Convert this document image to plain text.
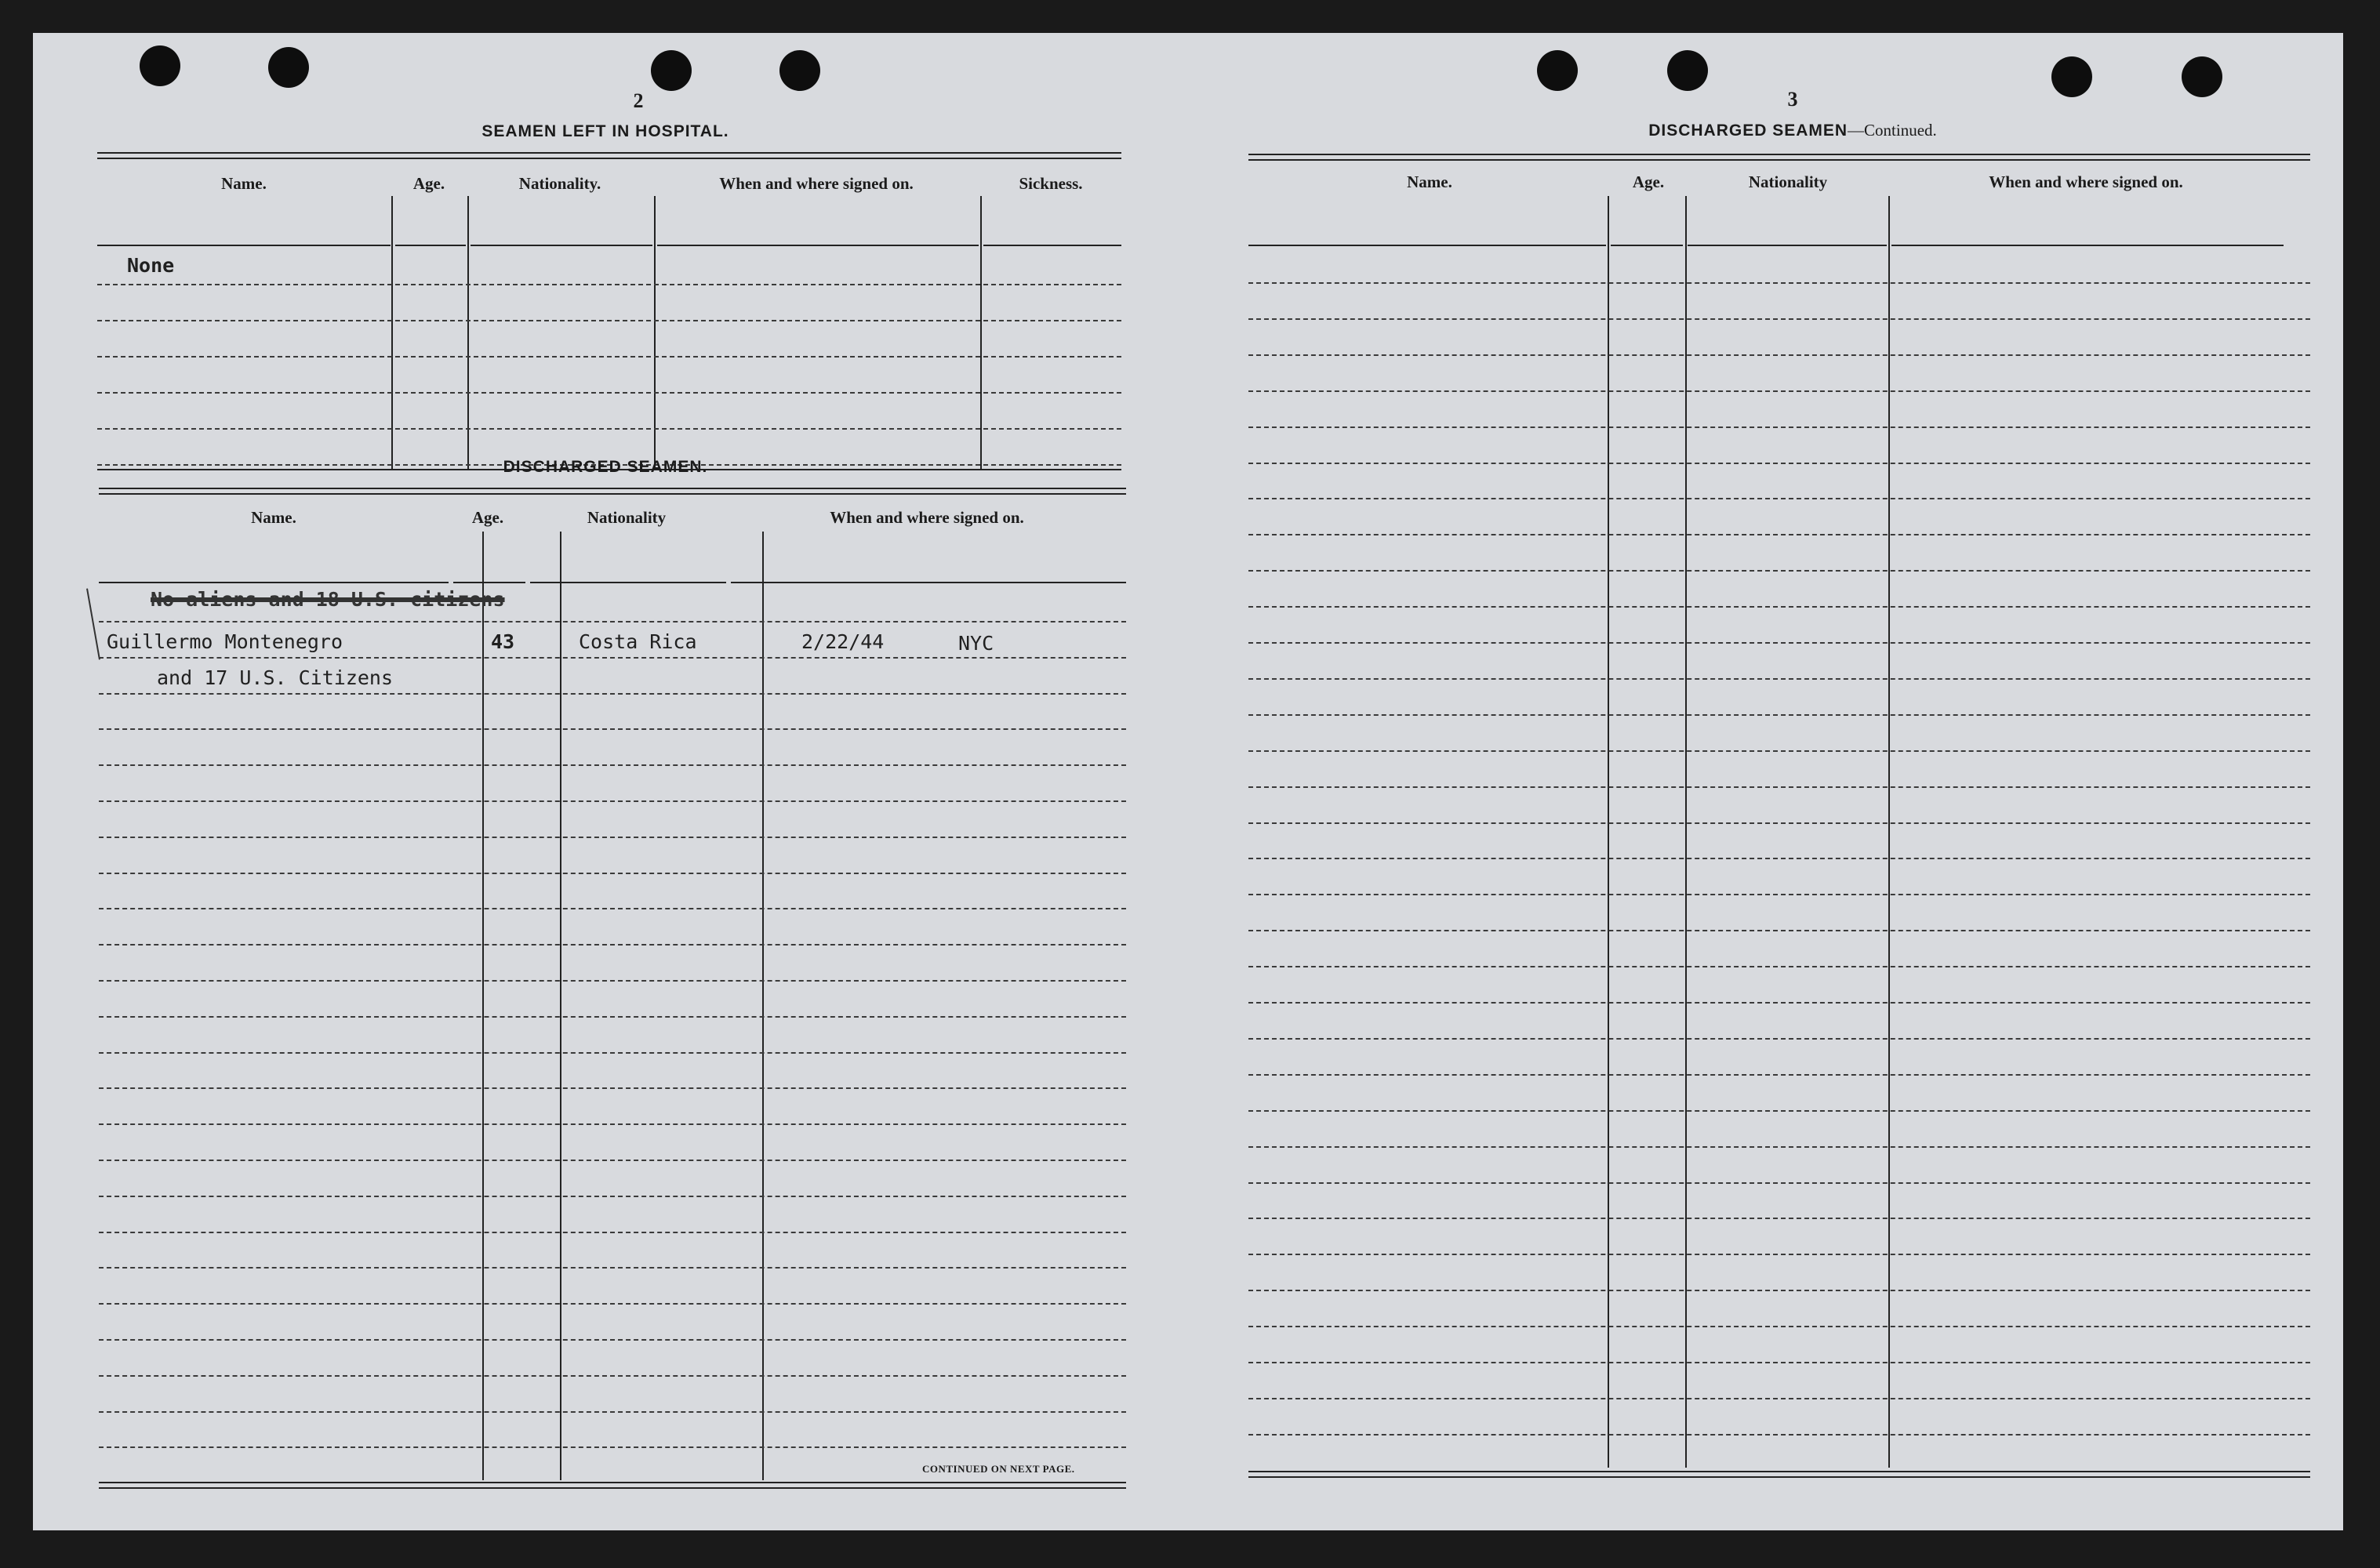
2
SEAMEN LEFT IN HOSPITAL.
Name.	Age.	Nationality.	When and where signed on.	Sickness.
None
DISCHARGED SEAMEN.
Name.	Age.	Nationality	When and where signed on.
No aliens and 18 U.S. citizens
Guillermo Montenegro	43	Costa Rica	2/22/44	NYC
and 17 U.S. Citizens
CONTINUED ON NEXT PAGE.
3
DISCHARGED SEAMEN—Continued.
Name.	Age.	Nationality	When and where signed on.
